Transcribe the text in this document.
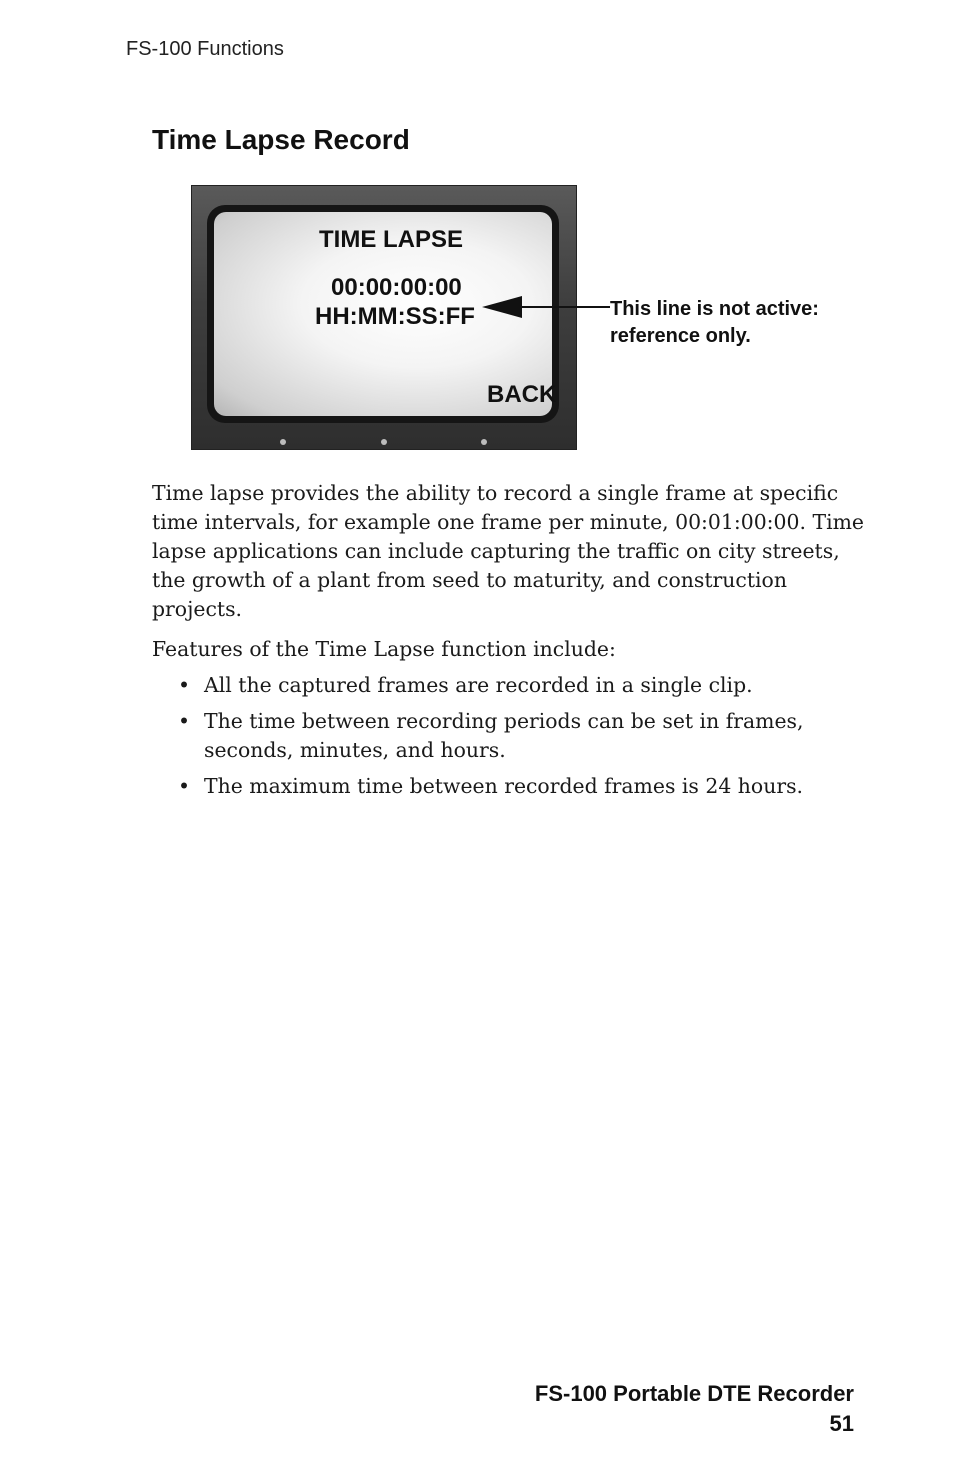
FS-100 Functions
Time Lapse Record
TIME LAPSE
00:00:00:00
HH:MM:SS:FF
BACK
This line is not active:
reference only.

Time lapse provides the ability to record a single frame at specific time intervals, for example one frame per minute, 00:01:00:00. Time lapse applications can include capturing the traffic on city streets, the growth of a plant from seed to maturity, and construction projects.

Features of the Time Lapse function include:

• All the captured frames are recorded in a single clip.
• The time between recording periods can be set in frames, seconds, minutes, and hours.
• The maximum time between recorded frames is 24 hours.
FS-100 Portable DTE Recorder
51
